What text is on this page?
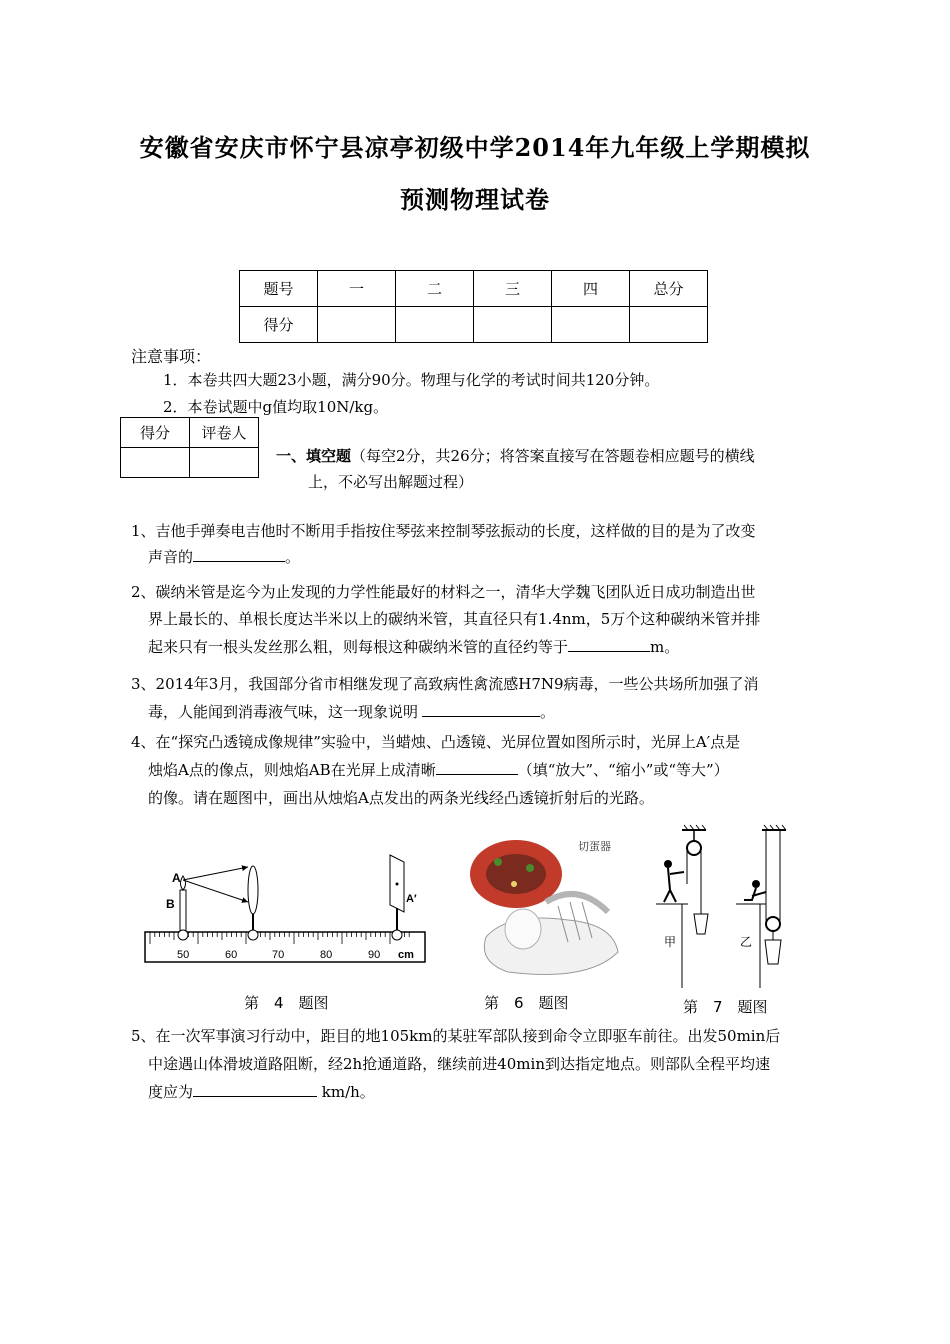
安徽省安庆市怀宁县凉亭初级中学2014年九年级上学期模拟
预测物理试卷
题号	一	二	三	四	总分
得分					
注意事项：
1．本卷共四大题23小题，满分90分。物理与化学的考试时间共120分钟。
2．本卷试题中g值均取10N/kg。
得分	评卷人

一、填空题（每空2分，共26分；将答案直接写在答题卷相应题号的横线
上，不必写出解题过程）
1、吉他手弹奏电吉他时不断用手指按住琴弦来控制琴弦振动的长度，这样做的目的是为了改变
声音的	。
2、碳纳米管是迄今为止发现的力学性能最好的材料之一，清华大学魏飞团队近日成功制造出世
界上最长的、单根长度达半米以上的碳纳米管，其直径只有1.4nm，5万个这种碳纳米管并排
起来只有一根头发丝那么粗，则每根这种碳纳米管的直径约等于	m。
3、2014年3月，我国部分省市相继发现了高致病性禽流感H7N9病毒，一些公共场所加强了消
毒，人能闻到消毒液气味，这一现象说明	。
4、在“探究凸透镜成像规律”实验中，当蜡烛、凸透镜、光屏位置如图所示时，光屏上A′点是
烛焰A点的像点，则烛焰AB在光屏上成清晰	（填“放大”、“缩小”或“等大”）
的像。请在题图中，画出从烛焰A点发出的两条光线经凸透镜折射后的光路。
A
B	A′
50	60	70	80	90 cm
第　4　题图
切蛋器
第　6　题图
甲	乙
第　7　题图
5、在一次军事演习行动中，距目的地105km的某驻军部队接到命令立即驱车前往。出发50min后
中途遇山体滑坡道路阻断，经2h抢通道路，继续前进40min到达指定地点。则部队全程平均速
度应为	km/h。
